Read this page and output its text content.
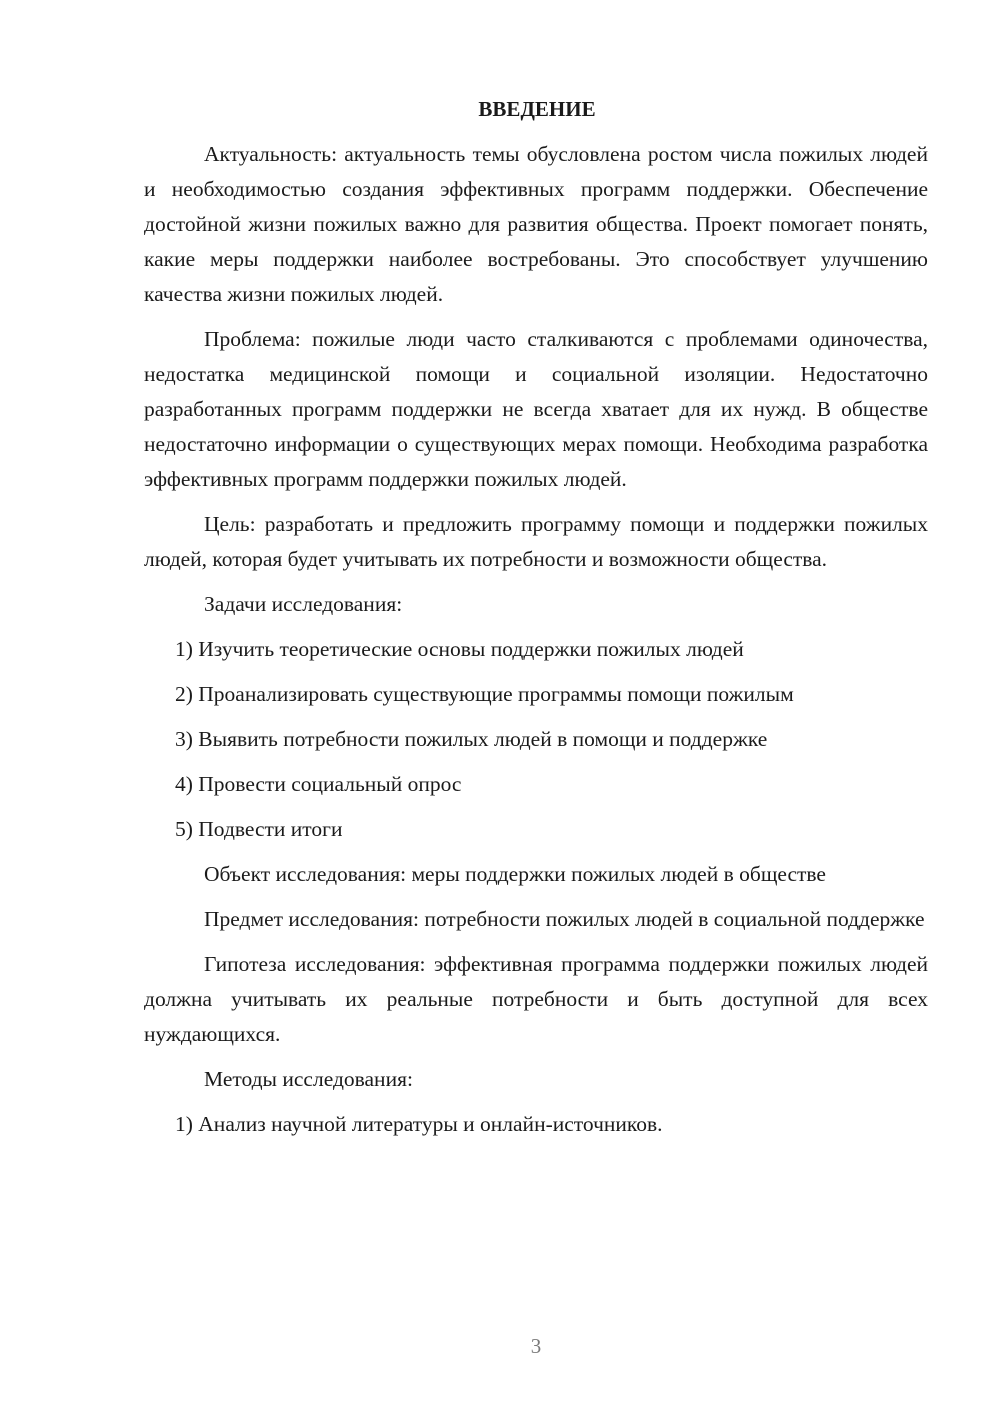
ВВЕДЕНИЕ

Актуальность: актуальность темы обусловлена ростом числа пожилых людей и необходимостью создания эффективных программ поддержки. Обеспечение достойной жизни пожилых важно для развития общества. Проект помогает понять, какие меры поддержки наиболее востребованы. Это способствует улучшению качества жизни пожилых людей.

Проблема: пожилые люди часто сталкиваются с проблемами одиночества, недостатка медицинской помощи и социальной изоляции. Недостаточно разработанных программ поддержки не всегда хватает для их нужд. В обществе недостаточно информации о существующих мерах помощи. Необходима разработка эффективных программ поддержки пожилых людей.

Цель: разработать и предложить программу помощи и поддержки пожилых людей, которая будет учитывать их потребности и возможности общества.

Задачи исследования:

1) Изучить теоретические основы поддержки пожилых людей

2) Проанализировать существующие программы помощи пожилым

3) Выявить потребности пожилых людей в помощи и поддержке

4) Провести социальный опрос

5) Подвести итоги

Объект исследования: меры поддержки пожилых людей в обществе

Предмет исследования: потребности пожилых людей в социальной поддержке

Гипотеза исследования: эффективная программа поддержки пожилых людей должна учитывать их реальные потребности и быть доступной для всех нуждающихся.

Методы исследования:

1) Анализ научной литературы и онлайн-источников.

3
